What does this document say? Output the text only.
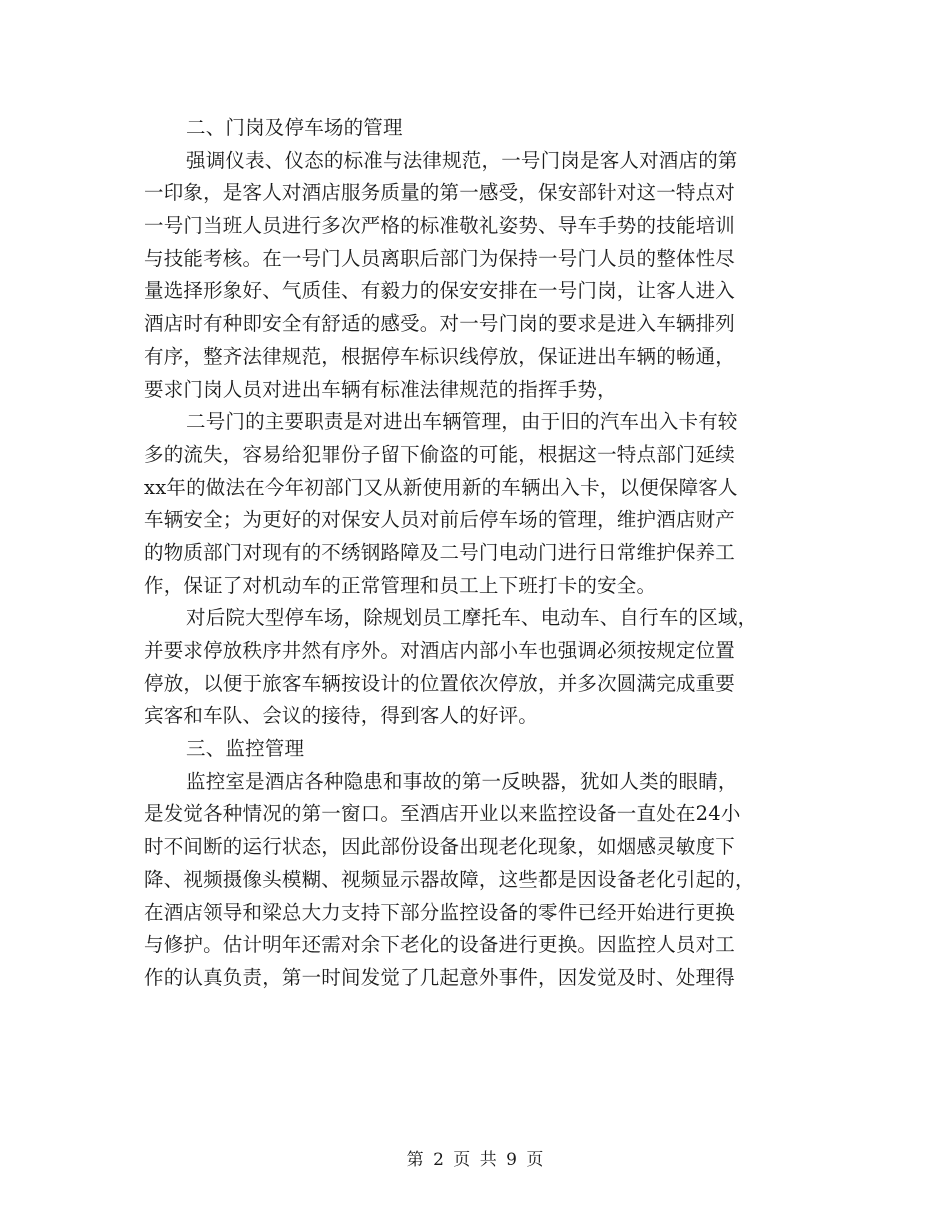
二、门岗及停车场的管理
强调仪表、仪态的标准与法律规范，一号门岗是客人对酒店的第
一印象，是客人对酒店服务质量的第一感受，保安部针对这一特点对
一号门当班人员进行多次严格的标准敬礼姿势、导车手势的技能培训
与技能考核。在一号门人员离职后部门为保持一号门人员的整体性尽
量选择形象好、气质佳、有毅力的保安安排在一号门岗，让客人进入
酒店时有种即安全有舒适的感受。对一号门岗的要求是进入车辆排列
有序，整齐法律规范，根据停车标识线停放，保证进出车辆的畅通，
要求门岗人员对进出车辆有标准法律规范的指挥手势，
二号门的主要职责是对进出车辆管理，由于旧的汽车出入卡有较
多的流失，容易给犯罪份子留下偷盗的可能，根据这一特点部门延续
xx年的做法在今年初部门又从新使用新的车辆出入卡，以便保障客人
车辆安全；为更好的对保安人员对前后停车场的管理，维护酒店财产
的物质部门对现有的不绣钢路障及二号门电动门进行日常维护保养工
作，保证了对机动车的正常管理和员工上下班打卡的安全。
对后院大型停车场，除规划员工摩托车、电动车、自行车的区域，
并要求停放秩序井然有序外。对酒店内部小车也强调必须按规定位置
停放，以便于旅客车辆按设计的位置依次停放，并多次圆满完成重要
宾客和车队、会议的接待，得到客人的好评。
三、监控管理
监控室是酒店各种隐患和事故的第一反映器，犹如人类的眼睛，
是发觉各种情况的第一窗口。至酒店开业以来监控设备一直处在24小
时不间断的运行状态，因此部份设备出现老化现象，如烟感灵敏度下
降、视频摄像头模糊、视频显示器故障，这些都是因设备老化引起的，
在酒店领导和梁总大力支持下部分监控设备的零件已经开始进行更换
与修护。估计明年还需对余下老化的设备进行更换。因监控人员对工
作的认真负责，第一时间发觉了几起意外事件，因发觉及时、处理得
第 2 页 共 9 页
